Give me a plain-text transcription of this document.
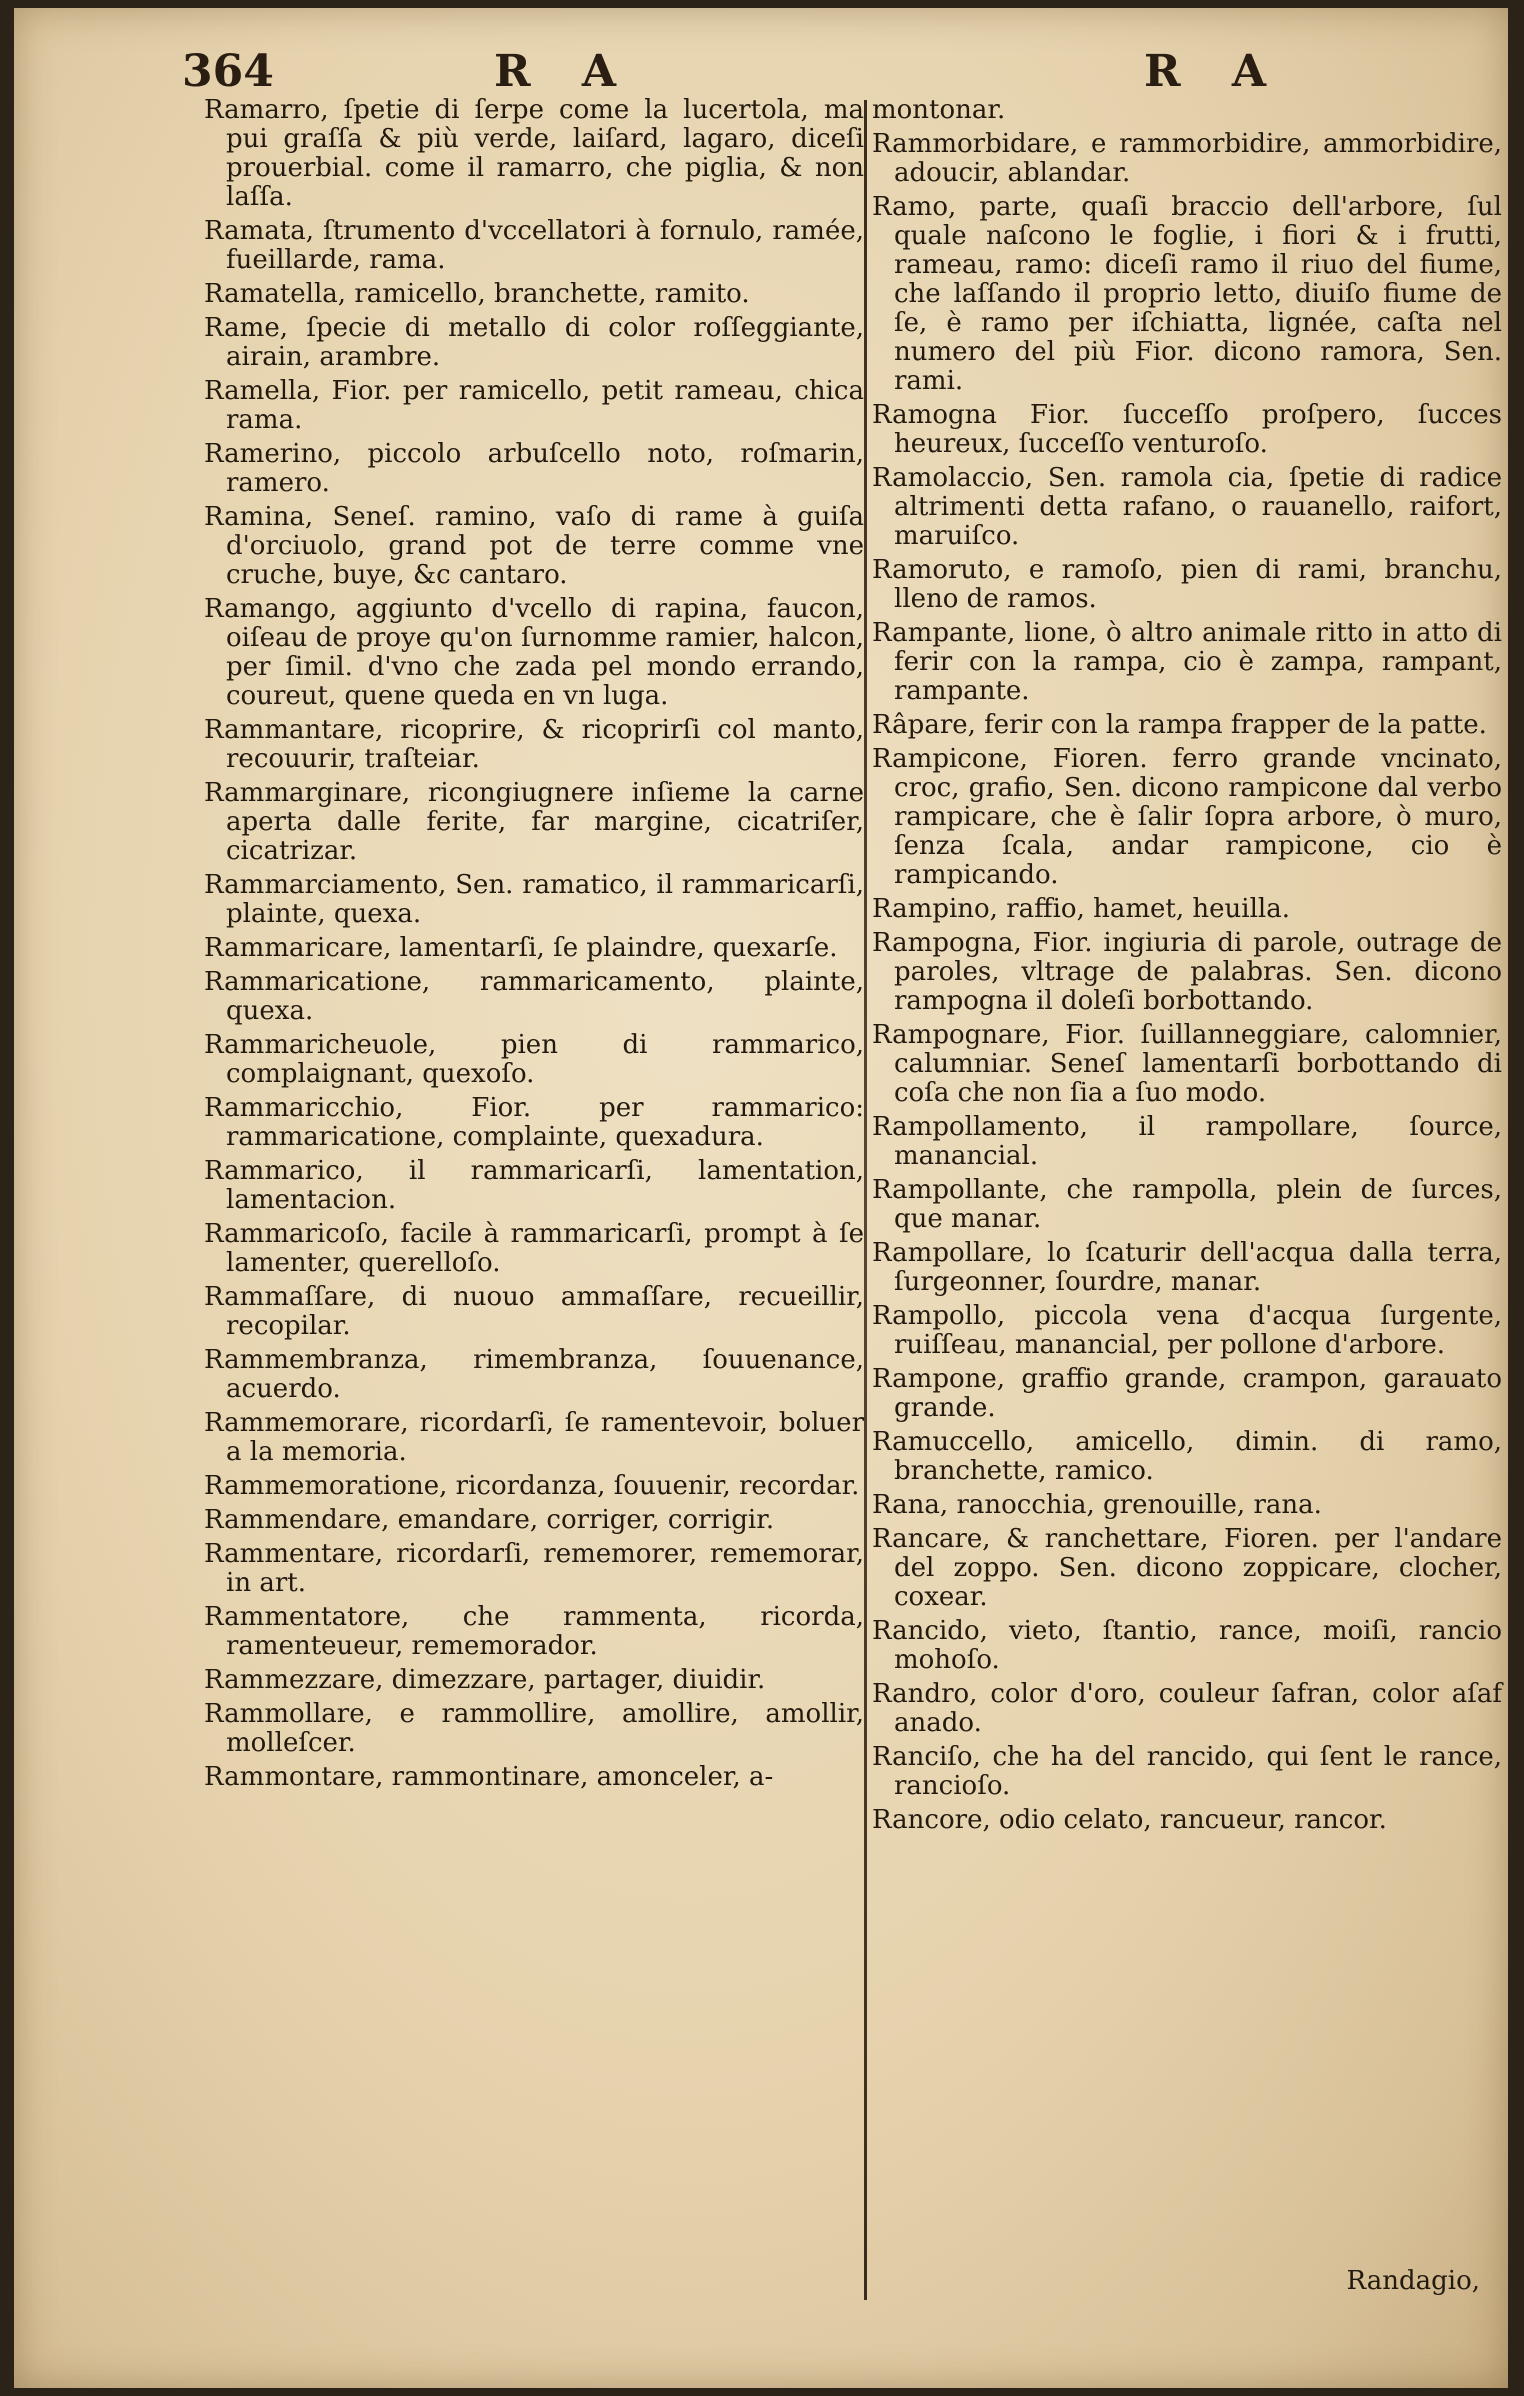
364	R A	R A

Ramarro, ſpetie di ſerpe come la lucertola, ma pui graſſa & più verde, laiſard, lagaro, diceſi prouerbial. come il ramarro, che piglia, & non laſſa.

Ramata, ſtrumento d'vccellatori à fornulo, ramée, fueillarde, rama.

Ramatella, ramicello, branchette, ramito.

Rame, ſpecie di metallo di color roſſeggiante, airain, arambre.

Ramella, Fior. per ramicello, petit rameau, chica rama.

Ramerino, piccolo arbuſcello noto, roſmarin, ramero.

Ramina, Seneſ. ramino, vaſo di rame à guiſa d'orciuolo, grand pot de terre comme vne cruche, buye, &c cantaro.

Ramango, aggiunto d'vcello di rapina, faucon, oiſeau de proye qu'on ſurnomme ramier, halcon, per ſimil. d'vno che zada pel mondo errando, coureut, quene queda en vn luga.

Rammantare, ricoprire, & ricoprirſi col manto, recouurir, traſteiar.

Rammarginare, ricongiugnere inſieme la carne aperta dalle ferite, far margine, cicatriſer, cicatrizar.

Rammarciamento, Sen. ramatico, il rammaricarſi, plainte, quexa.

Rammaricare, lamentarſi, ſe plaindre, quexarſe.

Rammaricatione, rammaricamento, plainte, quexa.

Rammaricheuole, pien di rammarico, complaignant, quexoſo.

Rammaricchio, Fior. per rammarico: rammaricatione, complainte, quexadura.

Rammarico, il rammaricarſi, lamentation, lamentacion.

Rammaricoſo, facile à rammaricarſi, prompt à ſe lamenter, querelloſo.

Rammaſſare, di nuouo ammaſſare, recueillir, recopilar.

Rammembranza, rimembranza, ſouuenance, acuerdo.

Rammemorare, ricordarſi, ſe ramentevoir, boluer a la memoria.

Rammemoratione, ricordanza, ſouuenir, recordar.

Rammendare, emandare, corriger, corrigir.

Rammentare, ricordarſi, rememorer, rememorar, in art.

Rammentatore, che rammenta, ricorda, ramenteueur, rememorador.

Rammezzare, dimezzare, partager, diuidir.

Rammollare, e rammollire, amollire, amollir, molleſcer.

Rammontare, rammontinare, amonceler, a-

montonar.

Rammorbidare, e rammorbidire, ammorbidire, adoucir, ablandar.

Ramo, parte, quaſi braccio dell'arbore, ſul quale naſcono le foglie, i fiori & i frutti, rameau, ramo: diceſi ramo il riuo del fiume, che laſſando il proprio letto, diuiſo fiume de ſe, è ramo per iſchiatta, lignée, caſta nel numero del più Fior. dicono ramora, Sen. rami.

Ramogna Fior. ſucceſſo proſpero, ſucces heureux, ſucceſſo venturoſo.

Ramolaccio, Sen. ramola cia, ſpetie di radice altrimenti detta rafano, o rauanello, raifort, maruiſco.

Ramoruto, e ramoſo, pien di rami, branchu, lleno de ramos.

Rampante, lione, ò altro animale ritto in atto di ferir con la rampa, cio è zampa, rampant, rampante.

Râpare, ferir con la rampa frapper de la patte.

Rampicone, Fioren. ferro grande vncinato, croc, grafio, Sen. dicono rampicone dal verbo rampicare, che è ſalir ſopra arbore, ò muro, ſenza ſcala, andar rampicone, cio è rampicando.

Rampino, raffio, hamet, heuilla.

Rampogna, Fior. ingiuria di parole, outrage de paroles, vltrage de palabras. Sen. dicono rampogna il doleſi borbottando.

Rampognare, Fior. ſuillanneggiare, calomnier, calumniar. Seneſ lamentarſi borbottando di coſa che non ſia a ſuo modo.

Rampollamento, il rampollare, ſource, manancial.

Rampollante, che rampolla, plein de ſurces, que manar.

Rampollare, lo ſcaturir dell'acqua dalla terra, ſurgeonner, ſourdre, manar.

Rampollo, piccola vena d'acqua ſurgente, ruiſſeau, manancial, per pollone d'arbore.

Rampone, graffio grande, crampon, garauato grande.

Ramuccello, amicello, dimin. di ramo, branchette, ramico.

Rana, ranocchia, grenouille, rana.

Rancare, & ranchettare, Fioren. per l'andare del zoppo. Sen. dicono zoppicare, clocher, coxear.

Rancido, vieto, ſtantio, rance, moiſi, rancio mohoſo.

Randro, color d'oro, couleur ſafran, color aſaf anado.

Ranciſo, che ha del rancido, qui ſent le rance, rancioſo.

Rancore, odio celato, rancueur, rancor.

Randagio,
